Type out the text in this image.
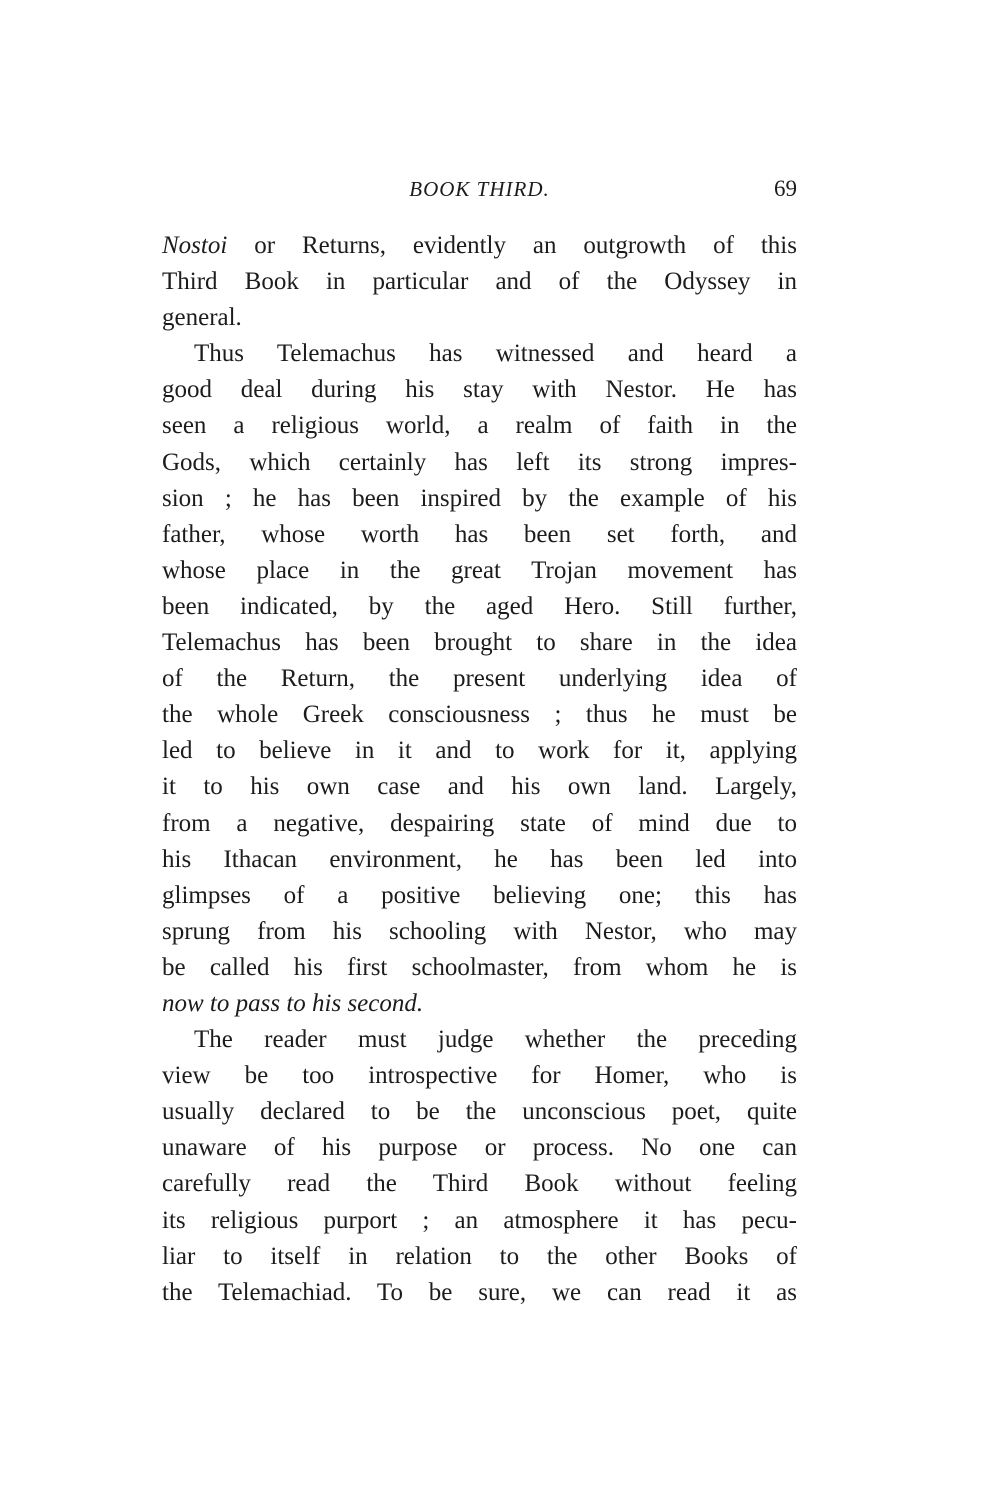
BOOK THIRD.	69
Nostoi or Returns, evidently an outgrowth of this
Third Book in particular and of the Odyssey in
general.
Thus Telemachus has witnessed and heard a
good deal during his stay with Nestor. He has
seen a religious world, a realm of faith in the
Gods, which certainly has left its strong impres-
sion ; he has been inspired by the example of his
father, whose worth has been set forth, and
whose place in the great Trojan movement has
been indicated, by the aged Hero. Still further,
Telemachus has been brought to share in the idea
of the Return, the present underlying idea of
the whole Greek consciousness ; thus he must be
led to believe in it and to work for it, applying
it to his own case and his own land. Largely,
from a negative, despairing state of mind due to
his Ithacan environment, he has been led into
glimpses of a positive believing one; this has
sprung from his schooling with Nestor, who may
be called his first schoolmaster, from whom he is
now to pass to his second.
The reader must judge whether the preceding
view be too introspective for Homer, who is
usually declared to be the unconscious poet, quite
unaware of his purpose or process. No one can
carefully read the Third Book without feeling
its religious purport ; an atmosphere it has pecu-
liar to itself in relation to the other Books of
the Telemachiad. To be sure, we can read it as
